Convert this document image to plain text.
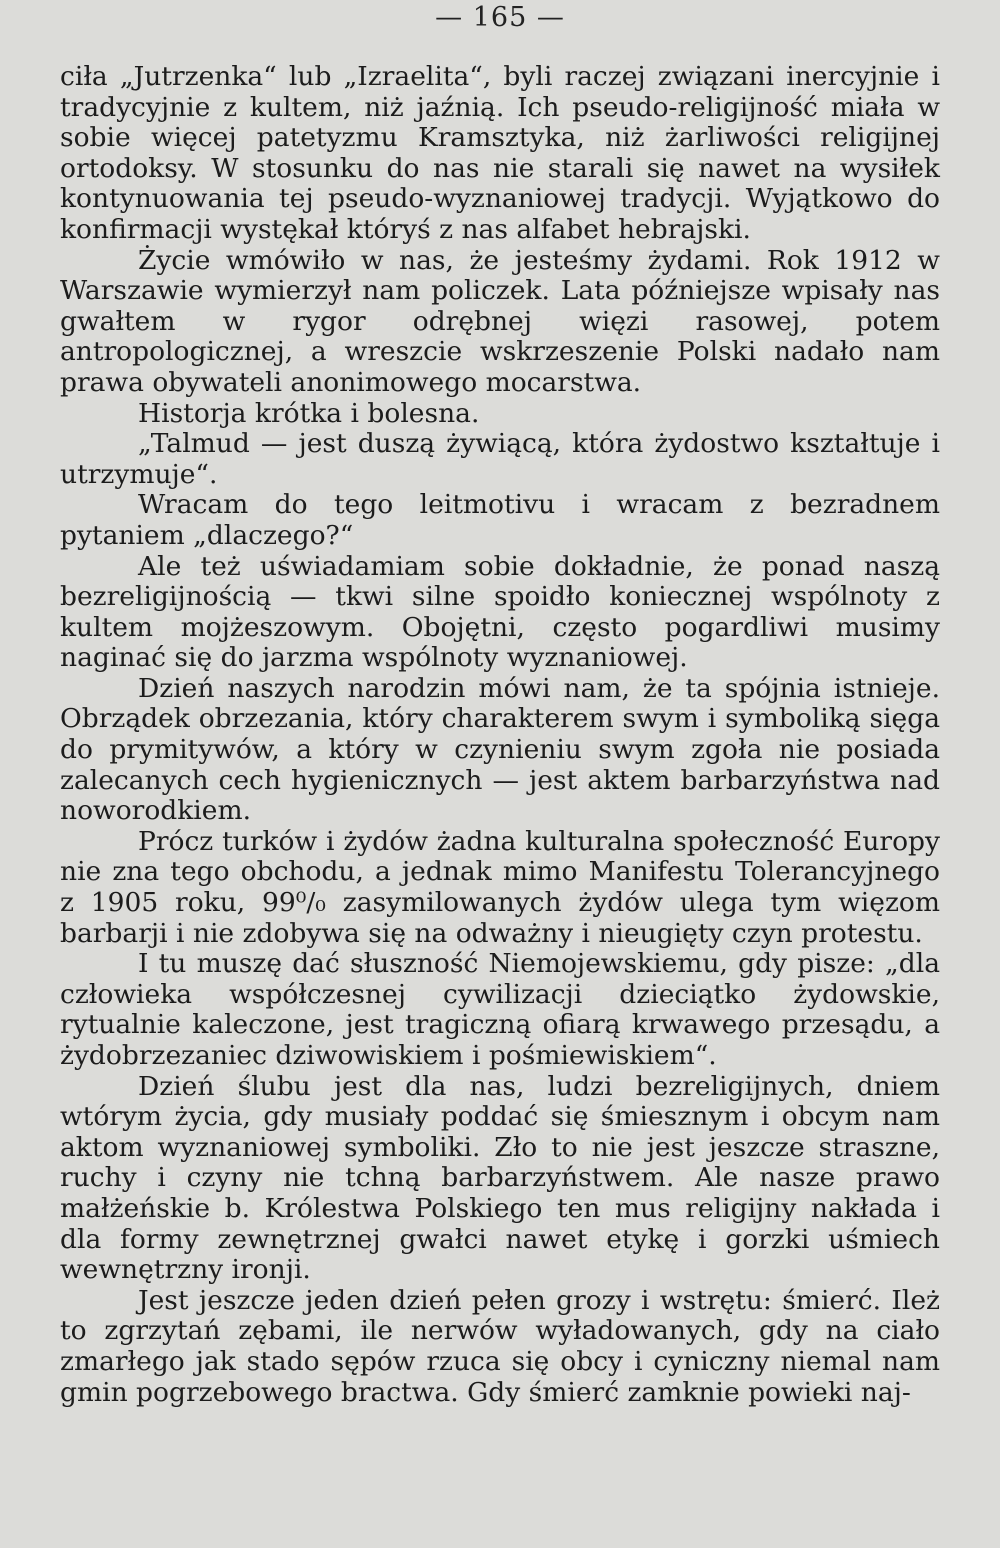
— 165 —

ciła „Jutrzenka“ lub „Izraelita“, byli raczej związani inercyjnie i tradycyjnie z kultem, niż jaźnią. Ich pseudo-religijność miała w sobie więcej patetyzmu Kramsztyka, niż żarliwości religijnej ortodoksy. W stosunku do nas nie starali się nawet na wysiłek kontynuowania tej pseudo-wyznaniowej tradycji. Wyjątkowo do konfirmacji wystękał któryś z nas alfabet hebrajski.

Życie wmówiło w nas, że jesteśmy żydami. Rok 1912 w Warszawie wymierzył nam policzek. Lata późniejsze wpisały nas gwałtem w rygor odrębnej więzi rasowej, potem antropologicznej, a wreszcie wskrzeszenie Polski nadało nam prawa obywateli anonimowego mocarstwa.

Historja krótka i bolesna.

„Talmud — jest duszą żywiącą, która żydostwo kształtuje i utrzymuje“.

Wracam do tego leitmotivu i wracam z bezradnem pytaniem „dlaczego?“

Ale też uświadamiam sobie dokładnie, że ponad naszą bezreligijnością — tkwi silne spoidło koniecznej wspólnoty z kultem mojżeszowym. Obojętni, często pogardliwi musimy naginać się do jarzma wspólnoty wyznaniowej.

Dzień naszych narodzin mówi nam, że ta spójnia istnieje. Obrządek obrzezania, który charakterem swym i symboliką sięga do prymitywów, a który w czynieniu swym zgoła nie posiada zalecanych cech hygienicznych — jest aktem barbarzyństwa nad noworodkiem.

Prócz turków i żydów żadna kulturalna społeczność Europy nie zna tego obchodu, a jednak mimo Manifestu Tolerancyjnego z 1905 roku, 99⁰/₀ zasymilowanych żydów ulega tym więzom barbarji i nie zdobywa się na odważny i nieugięty czyn protestu.

I tu muszę dać słuszność Niemojewskiemu, gdy pisze: „dla człowieka współczesnej cywilizacji dzieciątko żydowskie, rytualnie kaleczone, jest tragiczną ofiarą krwawego przesądu, a żydobrzezaniec dziwowiskiem i pośmiewiskiem“.

Dzień ślubu jest dla nas, ludzi bezreligijnych, dniem wtórym życia, gdy musiały poddać się śmiesznym i obcym nam aktom wyznaniowej symboliki. Zło to nie jest jeszcze straszne, ruchy i czyny nie tchną barbarzyństwem. Ale nasze prawo małżeńskie b. Królestwa Polskiego ten mus religijny nakłada i dla formy zewnętrznej gwałci nawet etykę i gorzki uśmiech wewnętrzny ironji.

Jest jeszcze jeden dzień pełen grozy i wstrętu: śmierć. Ileż to zgrzytań zębami, ile nerwów wyładowanych, gdy na ciało zmarłego jak stado sępów rzuca się obcy i cyniczny niemal nam gmin pogrzebowego bractwa. Gdy śmierć zamknie powieki naj-
